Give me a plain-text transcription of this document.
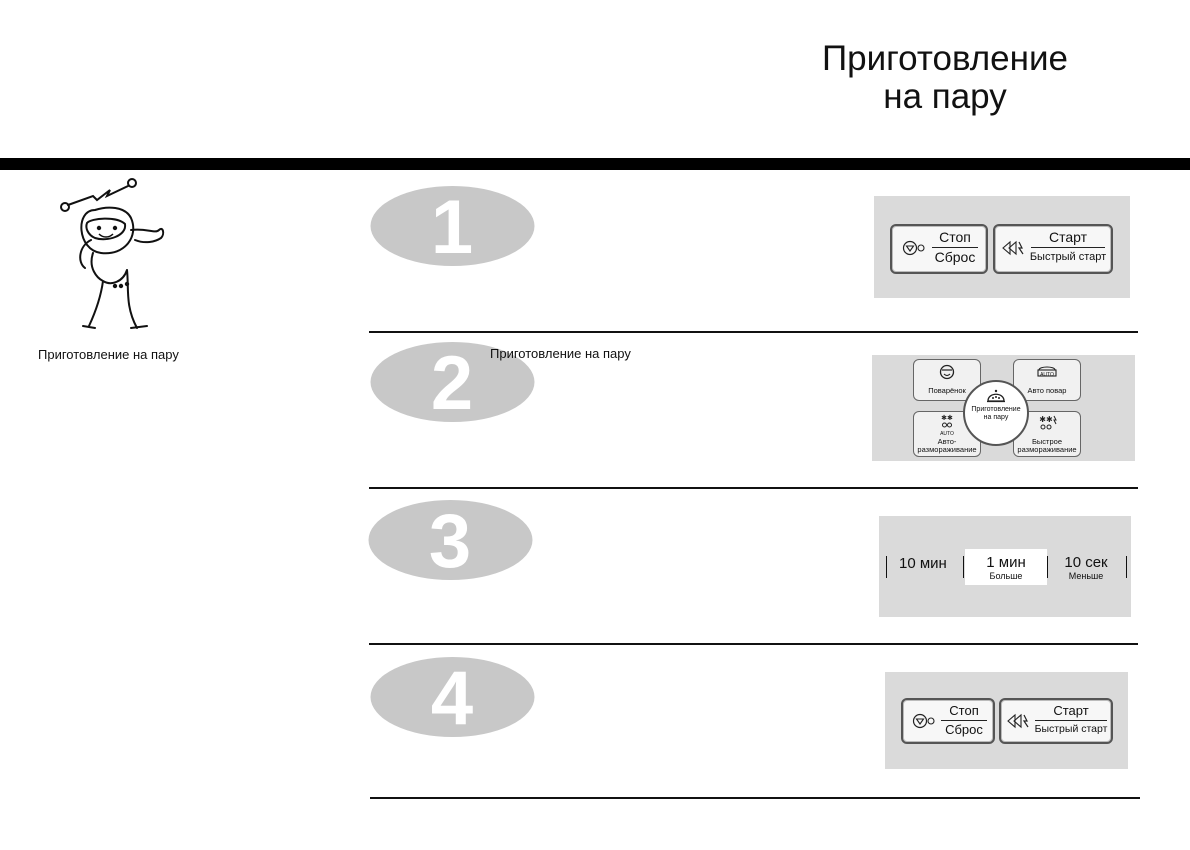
Приготовление
на пару
Приготовление на пару
1	Стоп
Сброс
Старт
Быстрый старт
2 Приготовление на пару
Поварёнок
AUTO
Авто повар
✱✱
AUTO
Авто-
размораживание
✱✱
Быстрое
размораживание
Приготовление
на пару
3	10 мин	1 мин
Больше
10 сек
Меньше
4	Стоп
Сброс
Старт
Быстрый старт
